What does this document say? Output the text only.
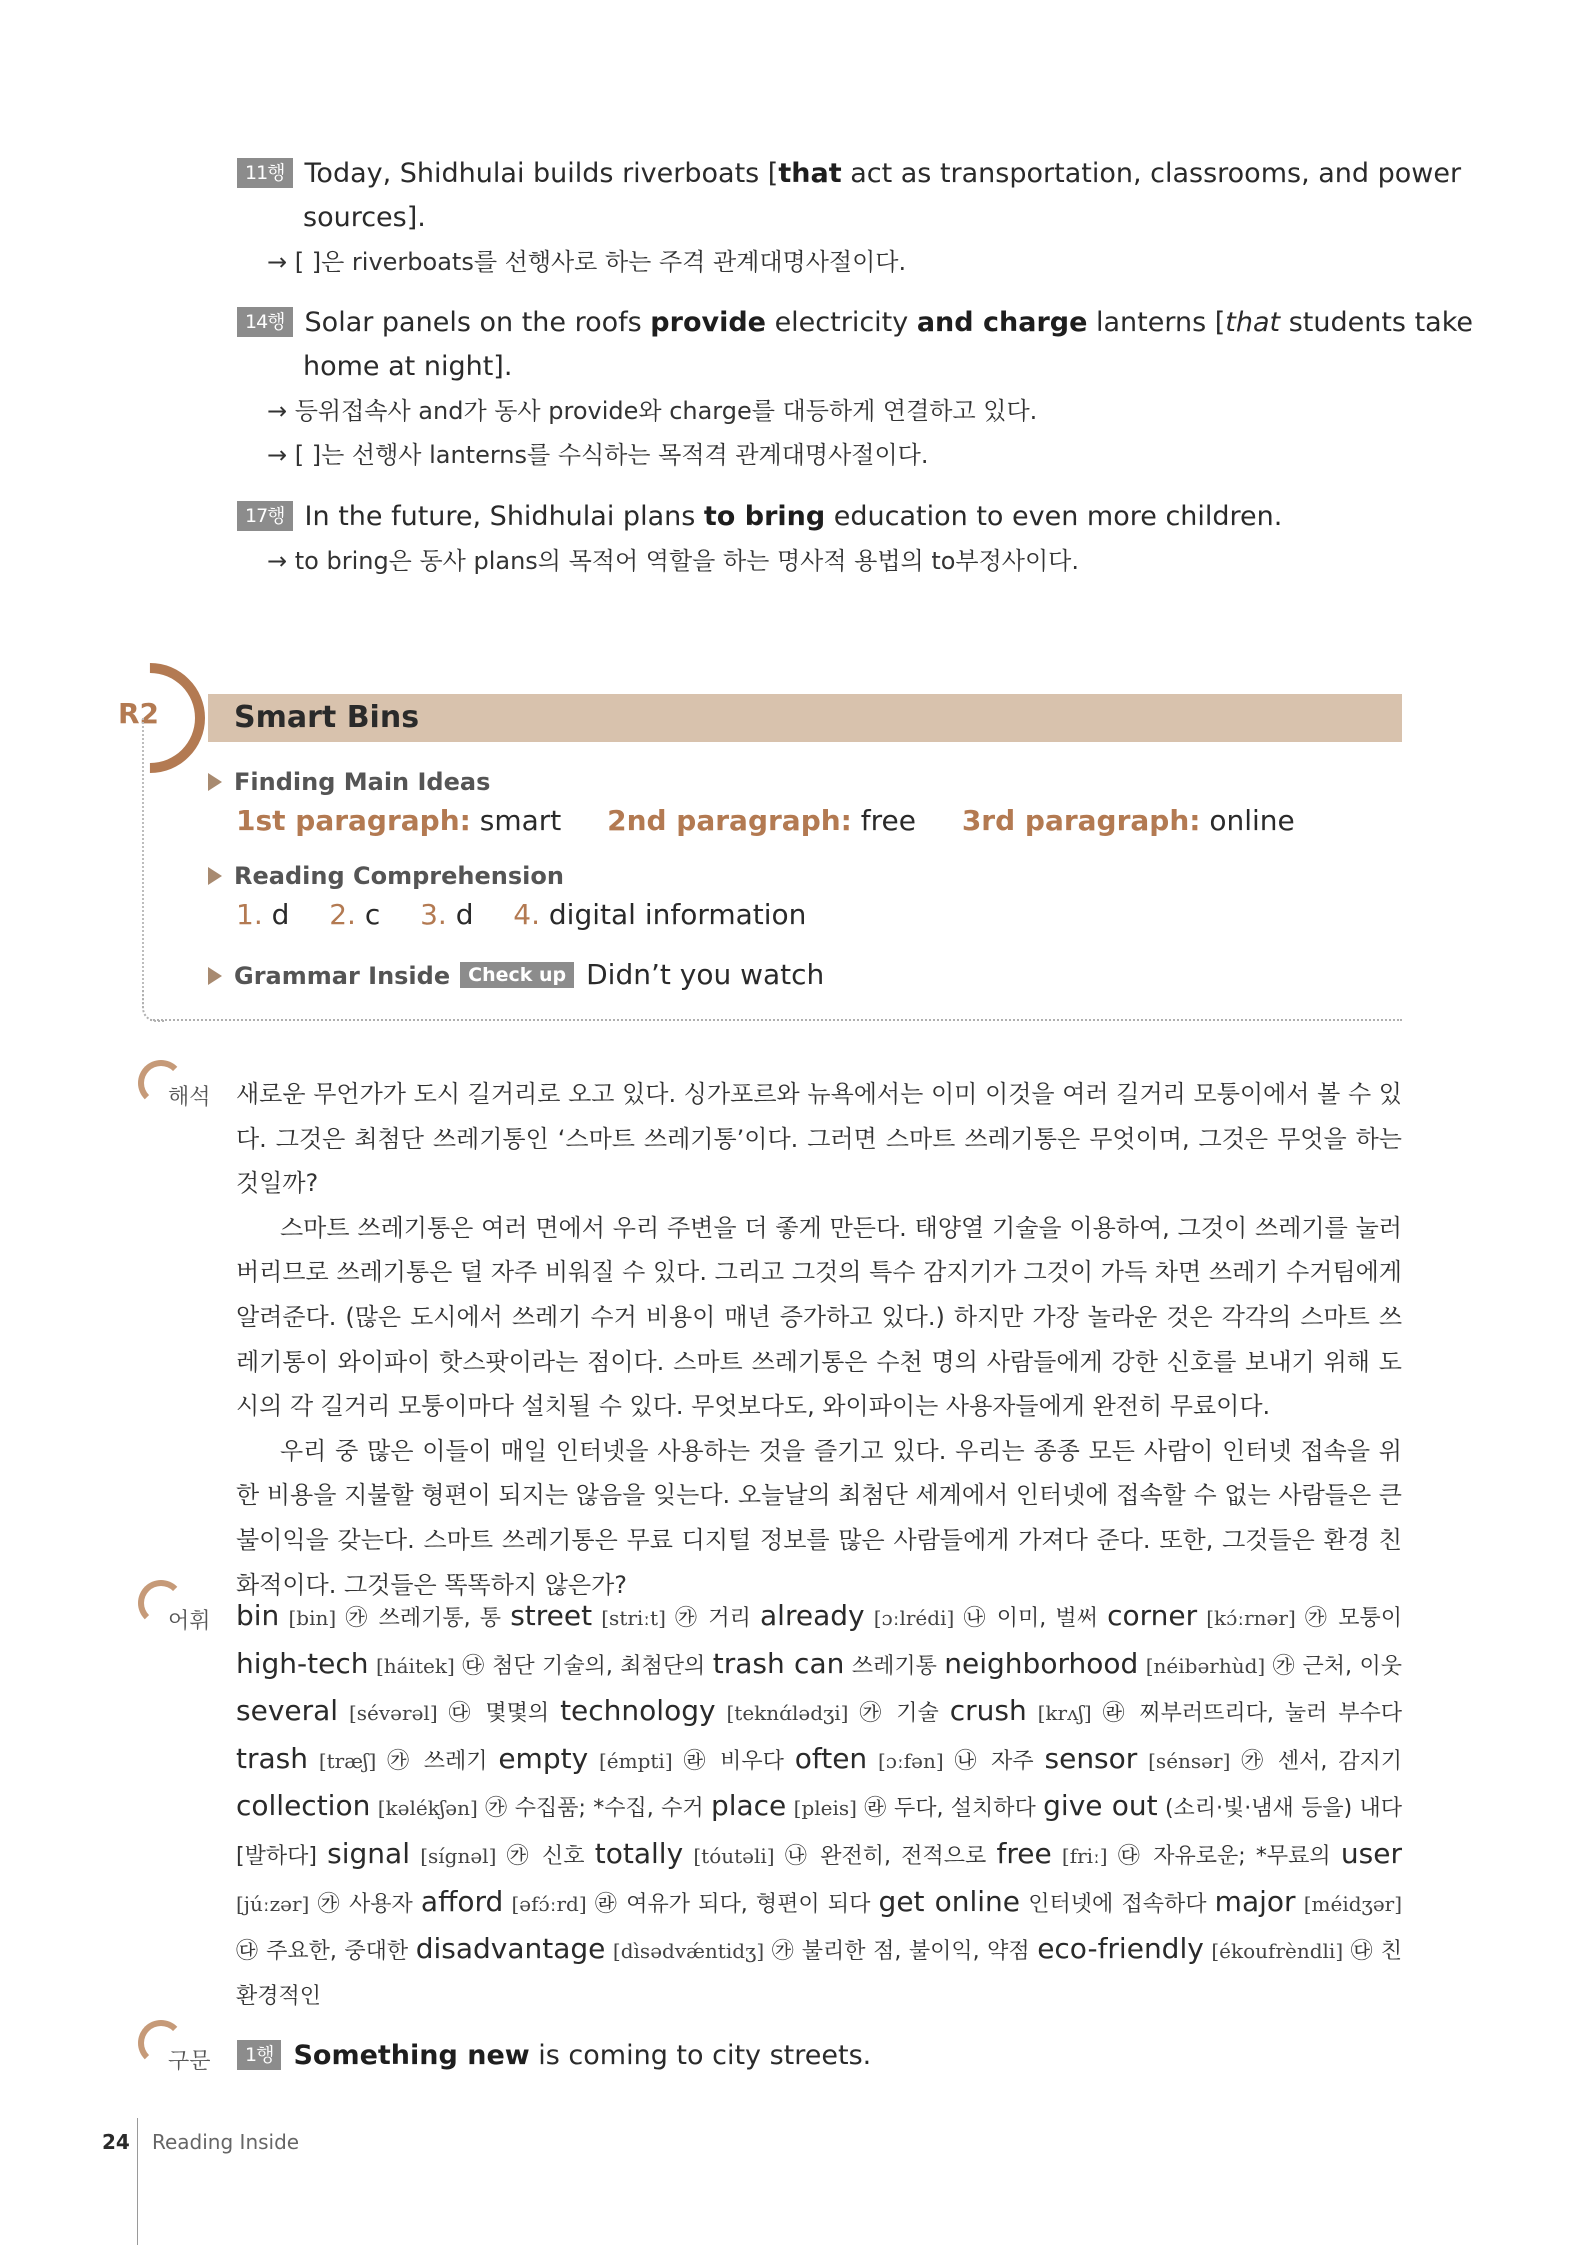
11행 Today, Shidhulai builds riverboats [that act as transportation, classrooms, and power
sources].
→ [ ]은 riverboats를 선행사로 하는 주격 관계대명사절이다.
14행 Solar panels on the roofs provide electricity and charge lanterns [that students take
home at night].
→ 등위접속사 and가 동사 provide와 charge를 대등하게 연결하고 있다.
→ [ ]는 선행사 lanterns를 수식하는 목적격 관계대명사절이다.
17행 In the future, Shidhulai plans to bring education to even more children.
→ to bring은 동사 plans의 목적어 역할을 하는 명사적 용법의 to부정사이다.
R2 Smart Bins
Finding Main Ideas
1st paragraph: smart 2nd paragraph: free 3rd paragraph: online
Reading Comprehension
1. d 2. c 3. d 4. digital information
Grammar Inside Check up Didn’t you watch
해석 새로운 무언가가 도시 길거리로 오고 있다. 싱가포르와 뉴욕에서는 이미 이것을 여러 길거리 모퉁이에서 볼 수 있다. 그것은 최첨단 쓰레기통인 ‘스마트 쓰레기통’이다. 그러면 스마트 쓰레기통은 무엇이며, 그것은 무엇을 하는 것일까?

스마트 쓰레기통은 여러 면에서 우리 주변을 더 좋게 만든다. 태양열 기술을 이용하여, 그것이 쓰레기를 눌러버리므로 쓰레기통은 덜 자주 비워질 수 있다. 그리고 그것의 특수 감지기가 그것이 가득 차면 쓰레기 수거팀에게 알려준다. (많은 도시에서 쓰레기 수거 비용이 매년 증가하고 있다.) 하지만 가장 놀라운 것은 각각의 스마트 쓰레기통이 와이파이 핫스팟이라는 점이다. 스마트 쓰레기통은 수천 명의 사람들에게 강한 신호를 보내기 위해 도시의 각 길거리 모퉁이마다 설치될 수 있다. 무엇보다도, 와이파이는 사용자들에게 완전히 무료이다.

우리 중 많은 이들이 매일 인터넷을 사용하는 것을 즐기고 있다. 우리는 종종 모든 사람이 인터넷 접속을 위한 비용을 지불할 형편이 되지는 않음을 잊는다. 오늘날의 최첨단 세계에서 인터넷에 접속할 수 없는 사람들은 큰 불이익을 갖는다. 스마트 쓰레기통은 무료 디지털 정보를 많은 사람들에게 가져다 준다. 또한, 그것들은 환경 친화적이다. 그것들은 똑똑하지 않은가?

어휘 bin [bin] ㉮ 쓰레기통, 통 street [striːt] ㉮ 거리 already [ɔːlrédi] ㉯ 이미, 벌써 corner [kɔ́ːrnər] ㉮ 모퉁이 high-tech [háitek] ㉰ 첨단 기술의, 최첨단의 trash can 쓰레기통 neighborhood [néibərhùd] ㉮ 근처, 이웃 several [sévərəl] ㉰ 몇몇의 technology [teknɑ́lədʒi] ㉮ 기술 crush [krʌʃ] ㉱ 찌부러뜨리다, 눌러 부수다 trash [træʃ] ㉮ 쓰레기 empty [émpti] ㉱ 비우다 often [ɔːfən] ㉯ 자주 sensor [sénsər] ㉮ 센서, 감지기 collection [kəlékʃən] ㉮ 수집품; *수집, 수거 place [pleis] ㉱ 두다, 설치하다 give out (소리·빛·냄새 등을) 내다[발하다] signal [sígnəl] ㉮ 신호 totally [tóutəli] ㉯ 완전히, 전적으로 free [friː] ㉰ 자유로운; *무료의 user [júːzər] ㉮ 사용자 afford [əfɔ́ːrd] ㉱ 여유가 되다, 형편이 되다 get online 인터넷에 접속하다 major [méidʒər] ㉰ 주요한, 중대한 disadvantage [dìsədvǽntidʒ] ㉮ 불리한 점, 불이익, 약점 eco-friendly [ékoufrèndli] ㉰ 친환경적인
구문	1행 Something new is coming to city streets.
24 Reading Inside
